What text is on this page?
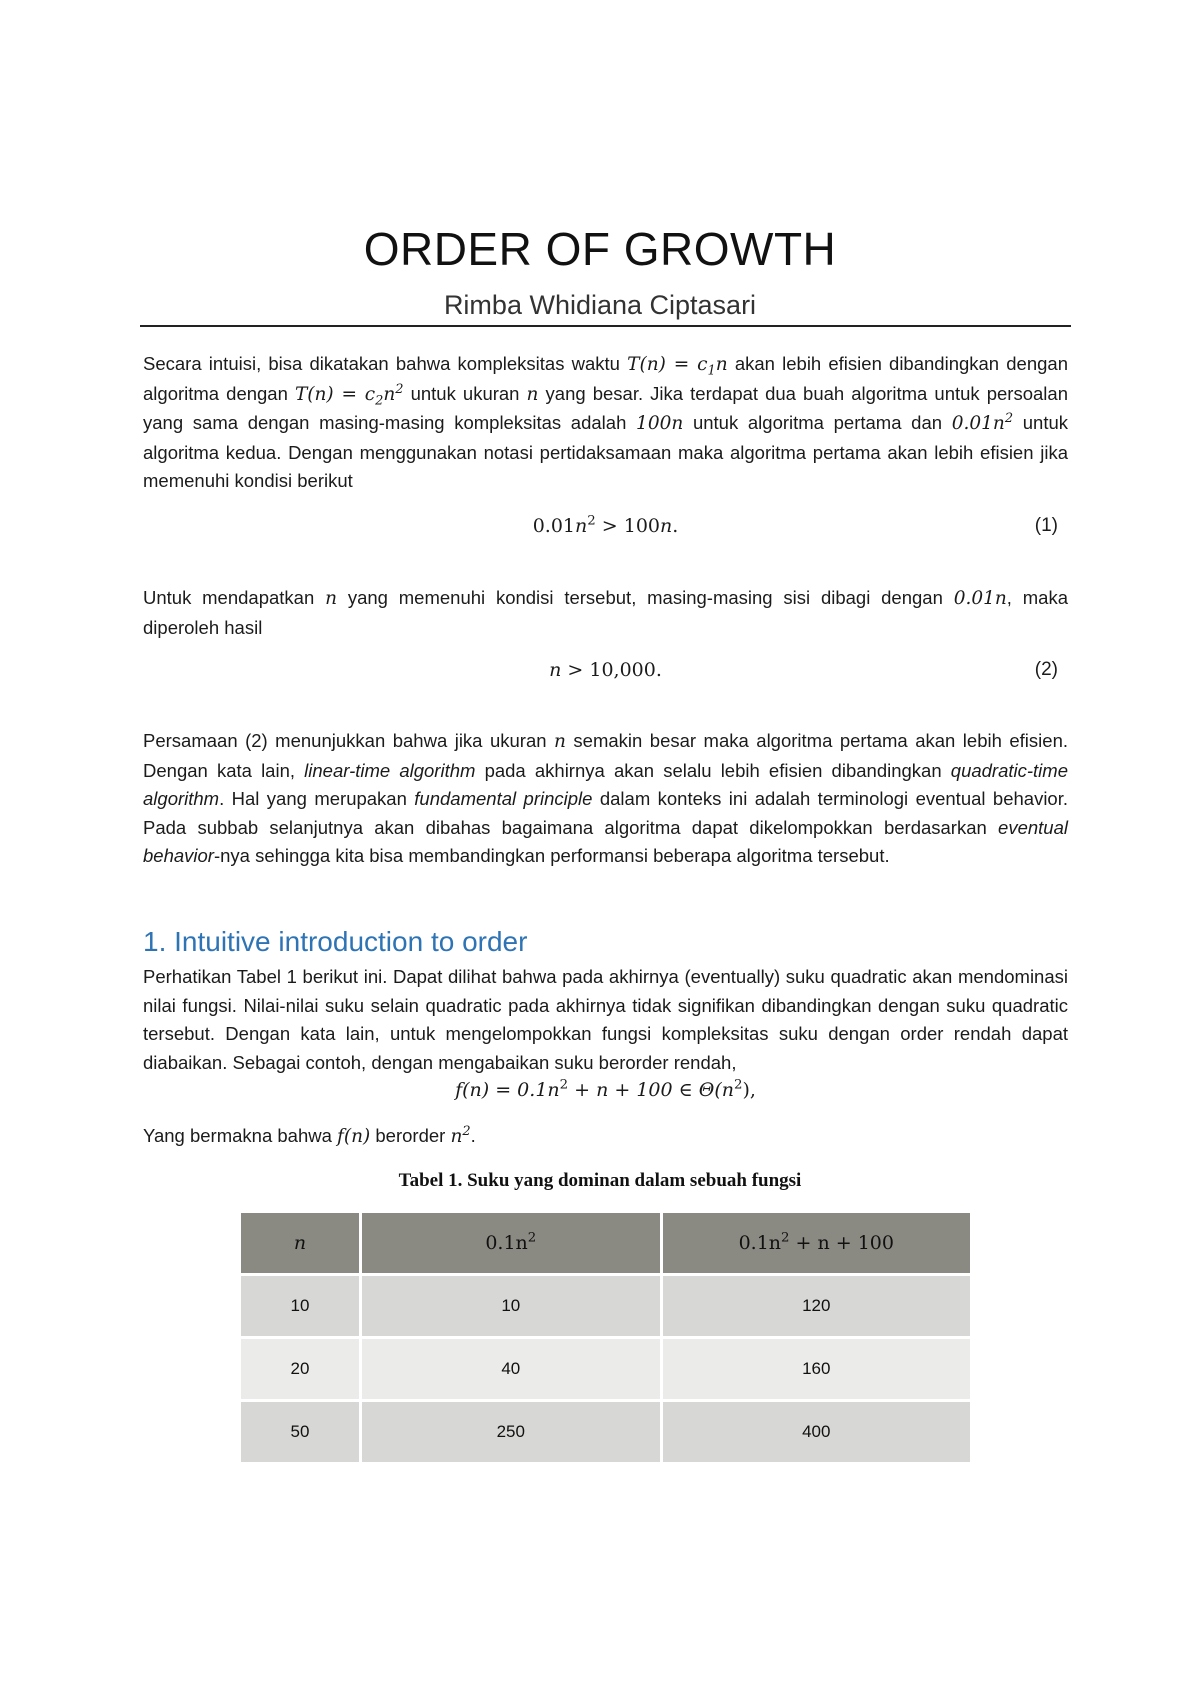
ORDER OF GROWTH
Rimba Whidiana Ciptasari
Secara intuisi, bisa dikatakan bahwa kompleksitas waktu $T(n) = c_1n$ akan lebih efisien dibandingkan dengan algoritma dengan $T(n) = c_2n^2$ untuk ukuran n yang besar. Jika terdapat dua buah algoritma untuk persoalan yang sama dengan masing-masing kompleksitas adalah 100n untuk algoritma pertama dan $0.01n^2$ untuk algoritma kedua. Dengan menggunakan notasi pertidaksamaan maka algoritma pertama akan lebih efisien jika memenuhi kondisi berikut
$0.01n^2 > 100n$.	(1)
Untuk mendapatkan n yang memenuhi kondisi tersebut, masing-masing sisi dibagi dengan 0.01n, maka diperoleh hasil
n > 10,000.	(2)
Persamaan (2) menunjukkan bahwa jika ukuran n semakin besar maka algoritma pertama akan lebih efisien. Dengan kata lain, linear-time algorithm pada akhirnya akan selalu lebih efisien dibandingkan quadratic-time algorithm. Hal yang merupakan fundamental principle dalam konteks ini adalah terminologi eventual behavior. Pada subbab selanjutnya akan dibahas bagaimana algoritma dapat dikelompokkan berdasarkan eventual behavior-nya sehingga kita bisa membandingkan performansi beberapa algoritma tersebut.
1. Intuitive introduction to order
Perhatikan Tabel 1 berikut ini. Dapat dilihat bahwa pada akhirnya (eventually) suku quadratic akan mendominasi nilai fungsi. Nilai-nilai suku selain quadratic pada akhirnya tidak signifikan dibandingkan dengan suku quadratic tersebut. Dengan kata lain, untuk mengelompokkan fungsi kompleksitas suku dengan order rendah dapat diabaikan. Sebagai contoh, dengan mengabaikan suku berorder rendah,
$f(n) = 0.1n^2 + n + 100$ ∈ $\Theta(n^2)$,
Yang bermakna bahwa f(n) berorder $n^2$.
Tabel 1. Suku yang dominan dalam sebuah fungsi
n	$0.1n^2$	$0.1n^2 + n + 100$
10	10	120
20	40	160
50	250	400
